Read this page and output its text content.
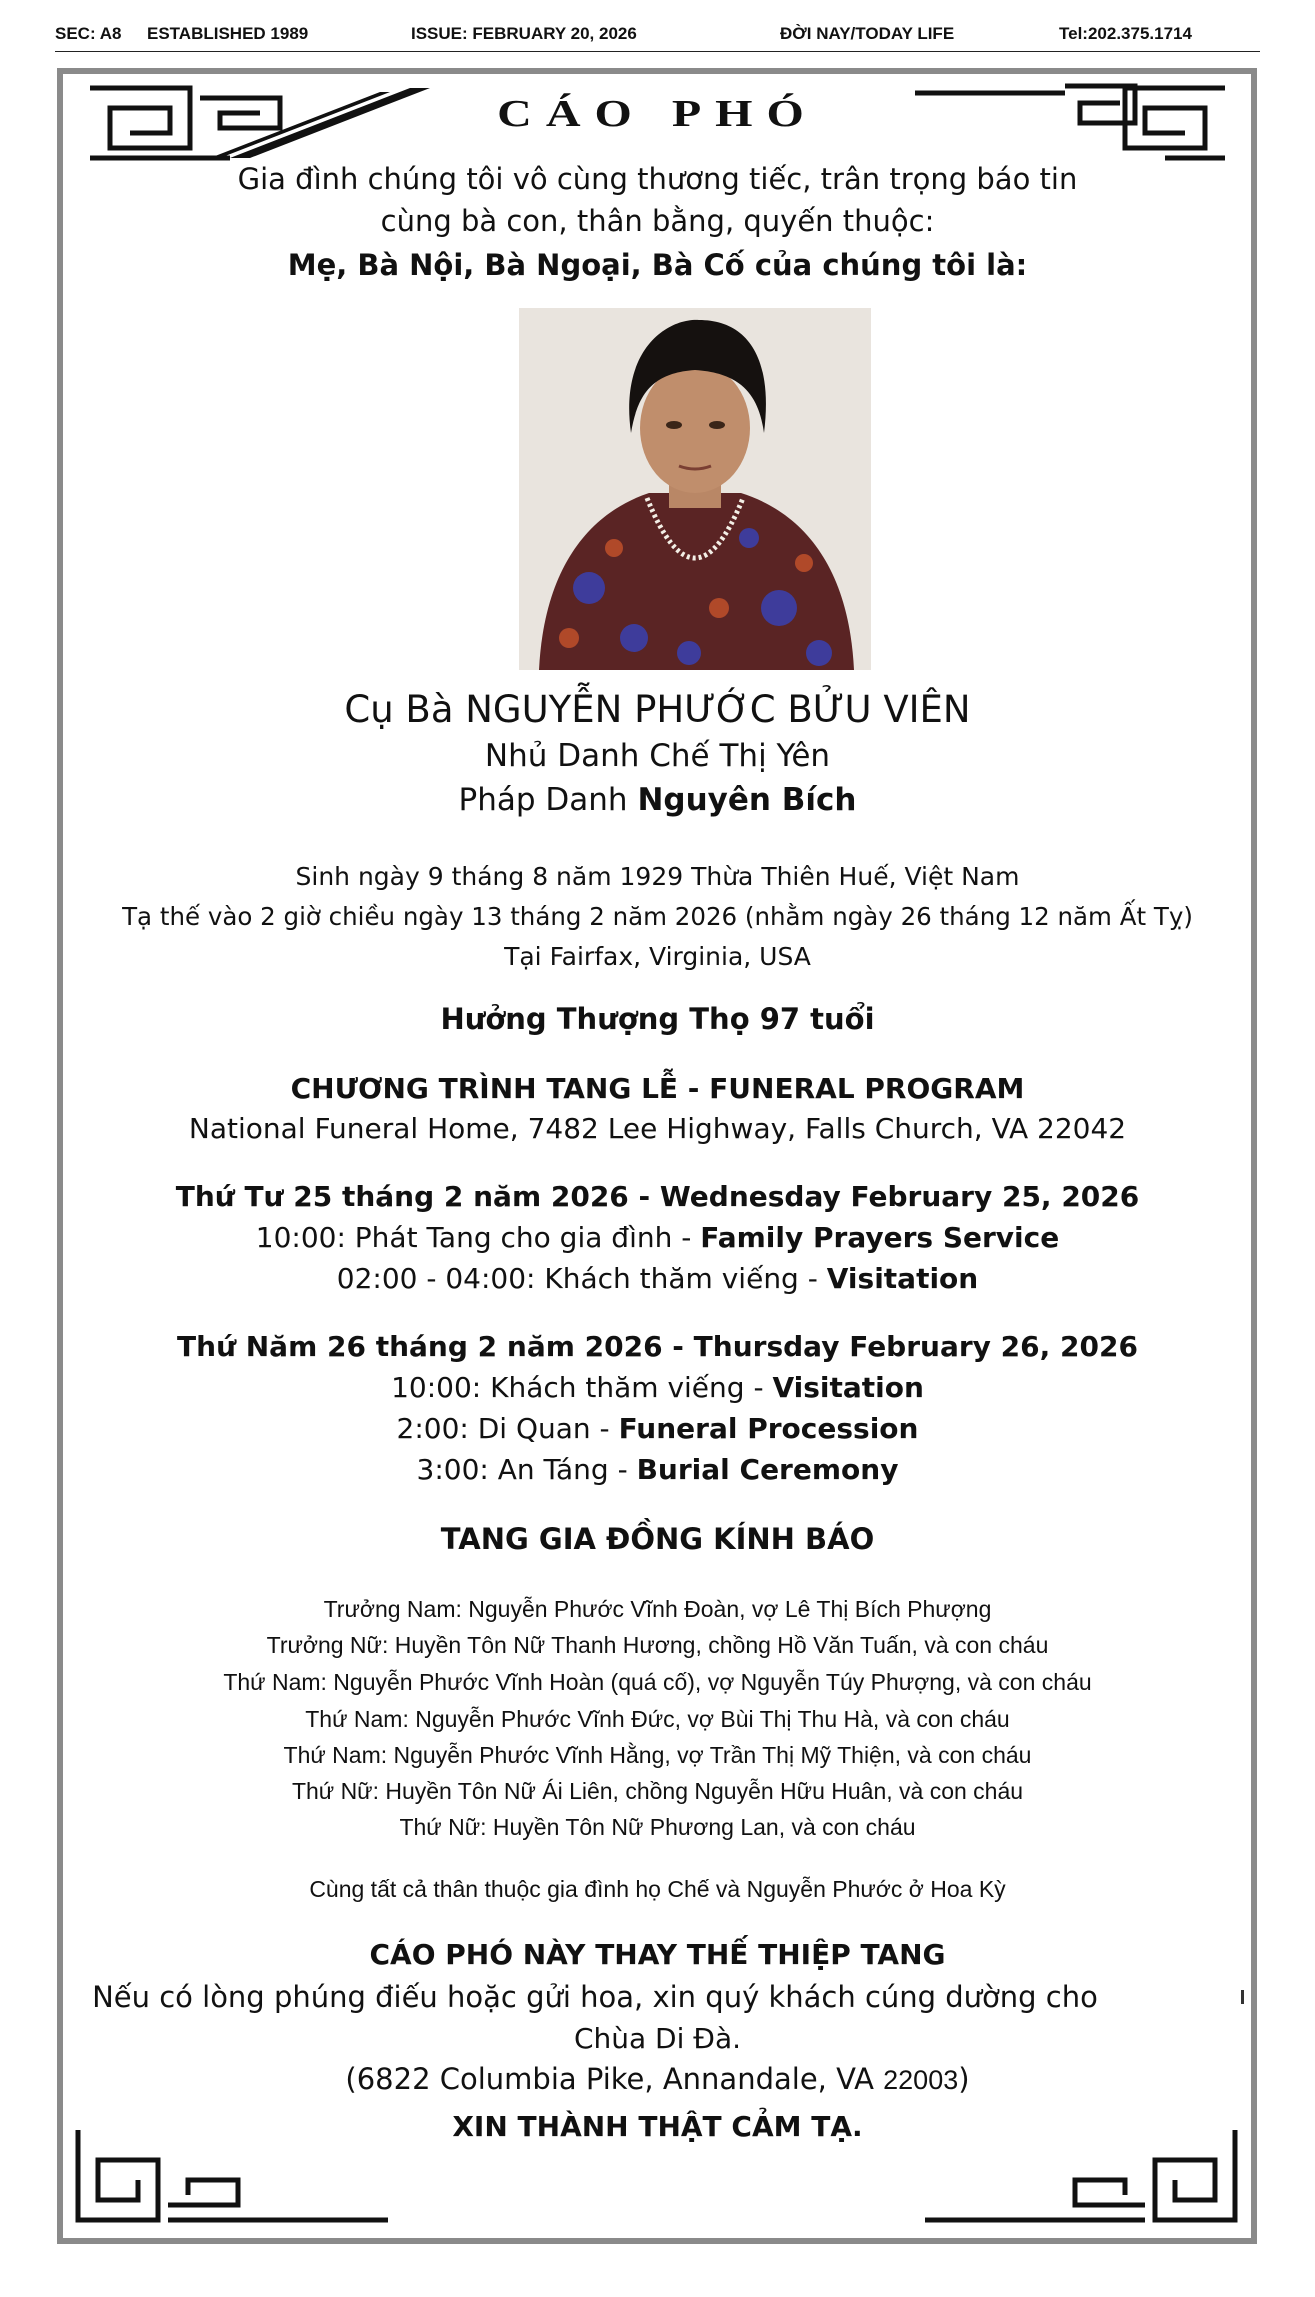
SEC: A8 ESTABLISHED 1989	ISSUE: FEBRUARY 20, 2026	ĐỜI NAY/TODAY LIFE	Tel:202.375.1714
CÁO PHÓ
Gia đình chúng tôi vô cùng thương tiếc, trân trọng báo tin
cùng bà con, thân bằng, quyến thuộc:
Mẹ, Bà Nội, Bà Ngoại, Bà Cố của chúng tôi là:
Cụ Bà NGUYỄN PHƯỚC BỬU VIÊN
Nhủ Danh Chế Thị Yên
Pháp Danh Nguyên Bích
Sinh ngày 9 tháng 8 năm 1929 Thừa Thiên Huế, Việt Nam
Tạ thế vào 2 giờ chiều ngày 13 tháng 2 năm 2026 (nhằm ngày 26 tháng 12 năm Ất Tỵ)
Tại Fairfax, Virginia, USA
Hưởng Thượng Thọ 97 tuổi
CHƯƠNG TRÌNH TANG LỄ - FUNERAL PROGRAM
National Funeral Home, 7482 Lee Highway, Falls Church, VA 22042
Thứ Tư 25 tháng 2 năm 2026 - Wednesday February 25, 2026
10:00: Phát Tang cho gia đình - Family Prayers Service
02:00 - 04:00: Khách thăm viếng - Visitation
Thứ Năm 26 tháng 2 năm 2026 - Thursday February 26, 2026
10:00: Khách thăm viếng - Visitation
2:00: Di Quan - Funeral Procession
3:00: An Táng - Burial Ceremony
TANG GIA ĐỒNG KÍNH BÁO
Trưởng Nam: Nguyễn Phước Vĩnh Đoàn, vợ Lê Thị Bích Phượng
Trưởng Nữ: Huyền Tôn Nữ Thanh Hương, chồng Hồ Văn Tuấn, và con cháu
Thứ Nam: Nguyễn Phước Vĩnh Hoàn (quá cố), vợ Nguyễn Túy Phượng, và con cháu
Thứ Nam: Nguyễn Phước Vĩnh Đức, vợ Bùi Thị Thu Hà, và con cháu
Thứ Nam: Nguyễn Phước Vĩnh Hằng, vợ Trần Thị Mỹ Thiện, và con cháu
Thứ Nữ: Huyền Tôn Nữ Ái Liên, chồng Nguyễn Hữu Huân, và con cháu
Thứ Nữ: Huyền Tôn Nữ Phương Lan, và con cháu
Cùng tất cả thân thuộc gia đình họ Chế và Nguyễn Phước ở Hoa Kỳ
CÁO PHÓ NÀY THAY THẾ THIỆP TANG
Nếu có lòng phúng điếu hoặc gửi hoa, xin quý khách cúng dường cho
Chùa Di Đà.
(6822 Columbia Pike, Annandale, VA 22003)
XIN THÀNH THẬT CẢM TẠ.
